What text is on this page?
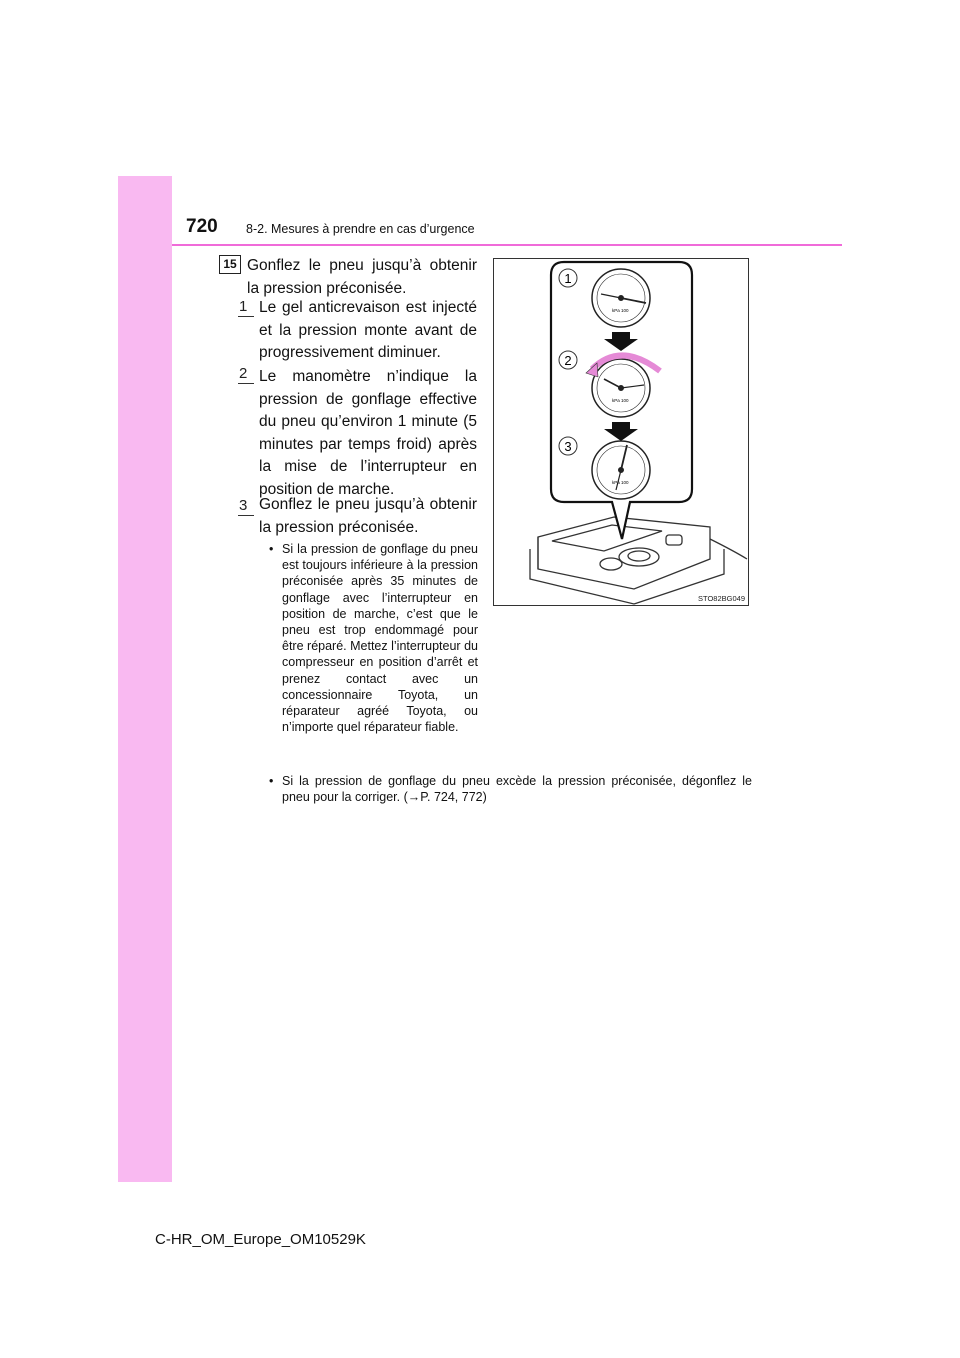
720 8-2. Mesures à prendre en cas d’urgence
15 Gonflez le pneu jusqu’à obtenir la pression préconisée.
1 Le gel anticrevaison est injecté et la pression monte avant de progressivement diminuer.
2 Le manomètre n’indique la pression de gonflage effective du pneu qu’environ 1 minute (5 minutes par temps froid) après la mise de l’interrupteur en position de marche.
3 Gonflez le pneu jusqu’à obtenir la pression préconisée.
• Si la pression de gonflage du pneu est toujours inférieure à la pression préconisée après 35 minutes de gonflage avec l’interrupteur en position de marche, c’est que le pneu est trop endommagé pour être réparé. Mettez l’interrupteur du compresseur en position d’arrêt et prenez contact avec un concessionnaire Toyota, un réparateur agréé Toyota, ou n’importe quel réparateur fiable.
• Si la pression de gonflage du pneu excède la pression préconisée, dégonflez le pneu pour la corriger. (→P. 724, 772)
kPa 100
kPa 100
kPa 100
1
2
3
STO82BG049
C-HR_OM_Europe_OM10529K
